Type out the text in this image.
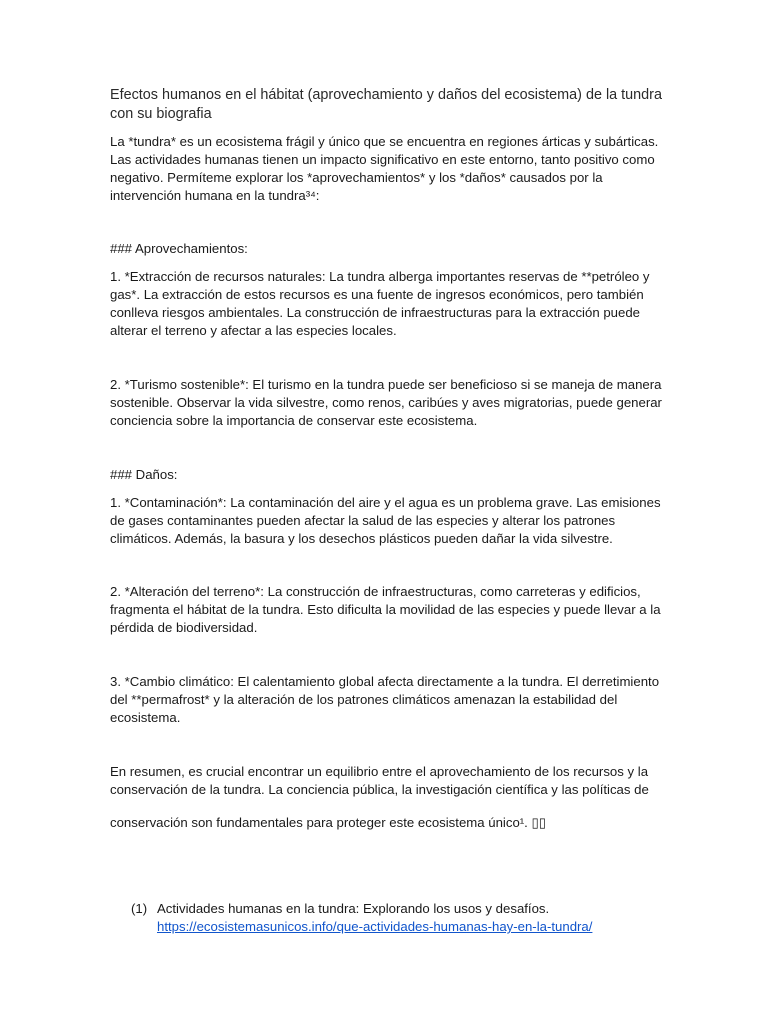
Efectos humanos en el hábitat (aprovechamiento y daños del ecosistema) de la tundra con su biografia

La *tundra* es un ecosistema frágil y único que se encuentra en regiones árticas y subárticas. Las actividades humanas tienen un impacto significativo en este entorno, tanto positivo como negativo. Permíteme explorar los *aprovechamientos* y los *daños* causados por la intervención humana en la tundra³⁴:

### Aprovechamientos:

1. *Extracción de recursos naturales: La tundra alberga importantes reservas de **petróleo y gas*. La extracción de estos recursos es una fuente de ingresos económicos, pero también conlleva riesgos ambientales. La construcción de infraestructuras para la extracción puede alterar el terreno y afectar a las especies locales.

2. *Turismo sostenible*: El turismo en la tundra puede ser beneficioso si se maneja de manera sostenible. Observar la vida silvestre, como renos, caribúes y aves migratorias, puede generar conciencia sobre la importancia de conservar este ecosistema.

### Daños:

1. *Contaminación*: La contaminación del aire y el agua es un problema grave. Las emisiones de gases contaminantes pueden afectar la salud de las especies y alterar los patrones climáticos. Además, la basura y los desechos plásticos pueden dañar la vida silvestre.

2. *Alteración del terreno*: La construcción de infraestructuras, como carreteras y edificios, fragmenta el hábitat de la tundra. Esto dificulta la movilidad de las especies y puede llevar a la pérdida de biodiversidad.

3. *Cambio climático: El calentamiento global afecta directamente a la tundra. El derretimiento del **permafrost* y la alteración de los patrones climáticos amenazan la estabilidad del ecosistema.

En resumen, es crucial encontrar un equilibrio entre el aprovechamiento de los recursos y la conservación de la tundra. La conciencia pública, la investigación científica y las políticas de

conservación son fundamentales para proteger este ecosistema único¹. ▯▯

(1) Actividades humanas en la tundra: Explorando los usos y desafíos.
https://ecosistemasunicos.info/que-actividades-humanas-hay-en-la-tundra/
